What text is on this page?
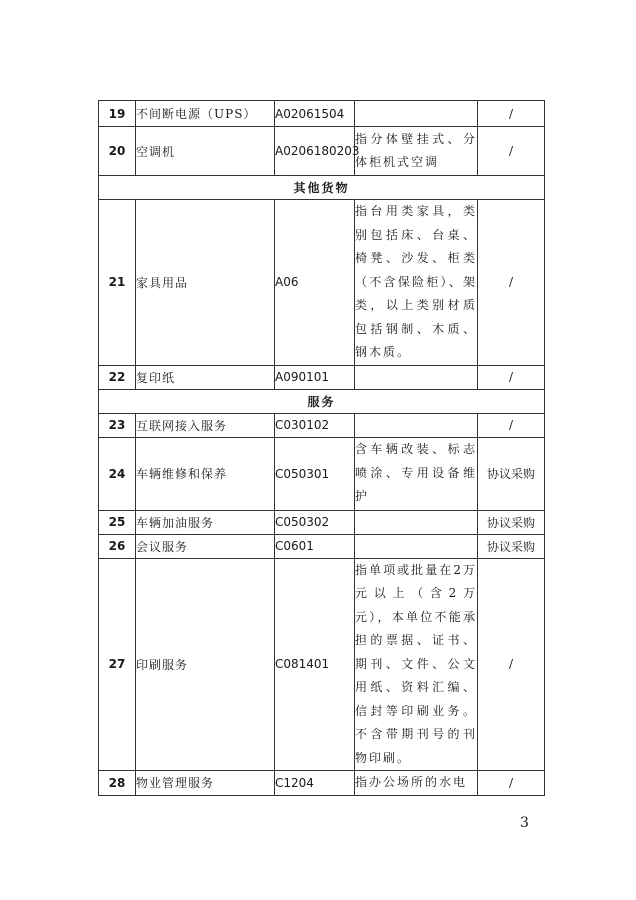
19	不间断电源（UPS）	A02061504		/
20	空调机	A0206180203	指分体壁挂式、分体柜机式空调	/
其他货物				
21	家具用品	A06	指台用类家具，类别包括床、台桌、椅凳、沙发、柜类（不含保险柜）、架类，以上类别材质包括钢制、木质、钢木质。	/
22	复印纸	A090101		/
服务				
23	互联网接入服务	C030102		/
24	车辆维修和保养	C050301	含车辆改装、标志喷涂、专用设备维护	协议采购
25	车辆加油服务	C050302		协议采购
26	会议服务	C0601		协议采购
27	印刷服务	C081401	指单项或批量在2万元以上（含2万元），本单位不能承担的票据、证书、期刊、文件、公文用纸、资料汇编、信封等印刷业务。不含带期刊号的刊物印刷。	/
28	物业管理服务	C1204	指办公场所的水电	/
3
